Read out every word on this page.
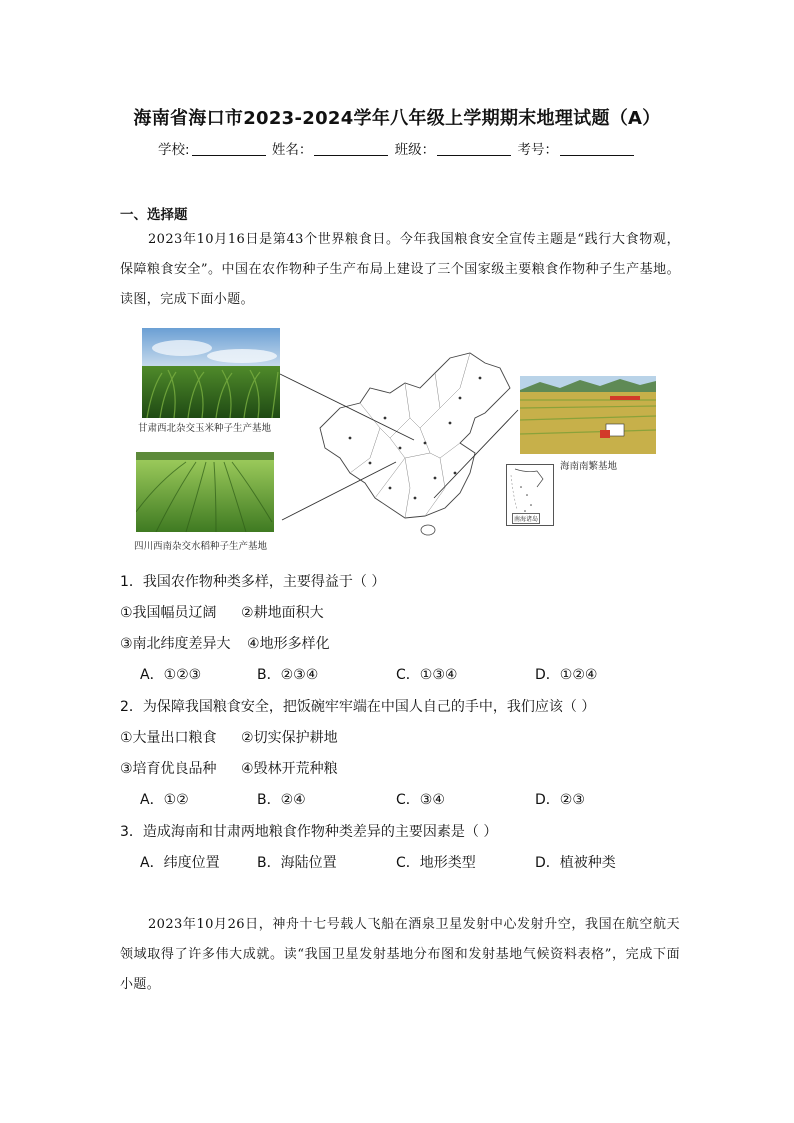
海南省海口市2023-2024学年八年级上学期期末地理试题（A）
学校:	姓名：	班级：	考号：
一、选择题
2023年10月16日是第43个世界粮食日。今年我国粮食安全宣传主题是“践行大食物观，保障粮食安全”。中国在农作物种子生产布局上建设了三个国家级主要粮食作物种子生产基地。读图，完成下面小题。
甘肃西北杂交玉米种子生产基地
四川西南杂交水稻种子生产基地
海南南繁基地
南海诸岛
1．我国农作物种类多样，主要得益于（ ）
①我国幅员辽阔 ②耕地面积大
③南北纬度差异大 ④地形多样化
A．①②③	B．②③④	C．①③④	D．①②④
2．为保障我国粮食安全，把饭碗牢牢端在中国人自己的手中，我们应该（ ）
①大量出口粮食 ②切实保护耕地
③培育优良品种 ④毁林开荒种粮
A．①②	B．②④	C．③④	D．②③
3．造成海南和甘肃两地粮食作物种类差异的主要因素是（ ）
A．纬度位置	B．海陆位置	C．地形类型	D．植被种类
2023年10月26日，神舟十七号载人飞船在酒泉卫星发射中心发射升空，我国在航空航天领域取得了许多伟大成就。读“我国卫星发射基地分布图和发射基地气候资料表格”，完成下面小题。
